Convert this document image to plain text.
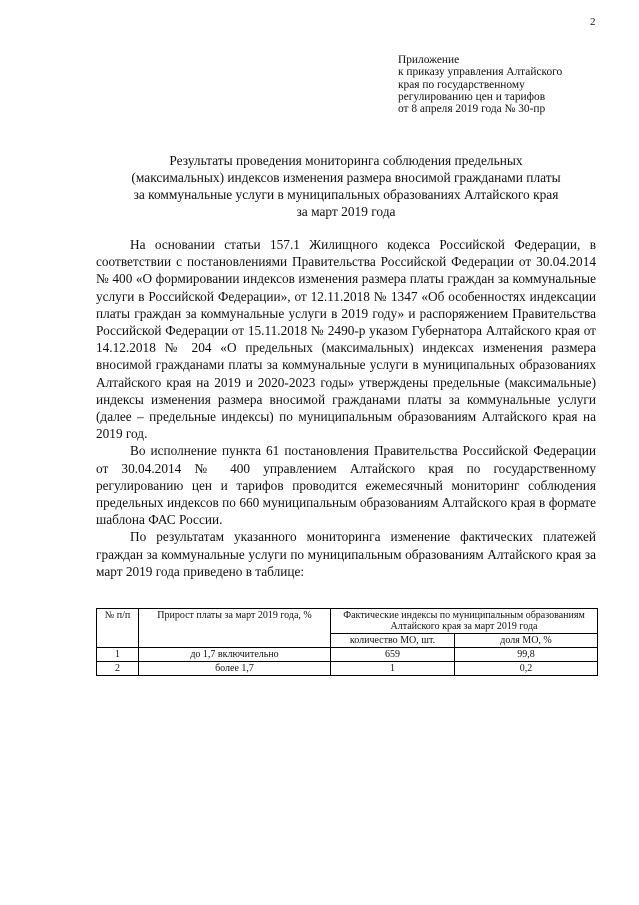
2
Приложение
к приказу управления Алтайского
края по государственному
регулированию цен и тарифов
от 8 апреля 2019 года № 30-пр
Результаты проведения мониторинга соблюдения предельных
(максимальных) индексов изменения размера вносимой гражданами платы
за коммунальные услуги в муниципальных образованиях Алтайского края
за март 2019 года

На основании статьи 157.1 Жилищного кодекса Российской Федерации, в соответствии с постановлениями Правительства Российской Федерации от 30.04.2014 № 400 «О формировании индексов изменения размера платы граждан за коммунальные услуги в Российской Федерации», от 12.11.2018 № 1347 «Об особенностях индексации платы граждан за коммунальные услуги в 2019 году» и распоряжением Правительства Российской Федерации от 15.11.2018 № 2490-р указом Губернатора Алтайского края от 14.12.2018 № 204 «О предельных (максимальных) индексах изменения размера вносимой гражданами платы за коммунальные услуги в муниципальных образованиях Алтайского края на 2019 и 2020-2023 годы» утверждены предельные (максимальные) индексы изменения размера вносимой гражданами платы за коммунальные услуги (далее – предельные индексы) по муниципальным образованиям Алтайского края на 2019 год.

Во исполнение пункта 61 постановления Правительства Российской Федерации от 30.04.2014 № 400 управлением Алтайского края по государственному регулированию цен и тарифов проводится ежемесячный мониторинг соблюдения предельных индексов по 660 муниципальным образованиям Алтайского края в формате шаблона ФАС России.

По результатам указанного мониторинга изменение фактических платежей граждан за коммунальные услуги по муниципальным образованиям Алтайского края за март 2019 года приведено в таблице:

№ п/п	Прирост платы за март 2019 года, %	Фактические индексы по муниципальным образованиям Алтайского края за март 2019 года	
		количество МО, шт.	доля МО, %
1	до 1,7 включительно	659	99,8
2	более 1,7	1	0,2
